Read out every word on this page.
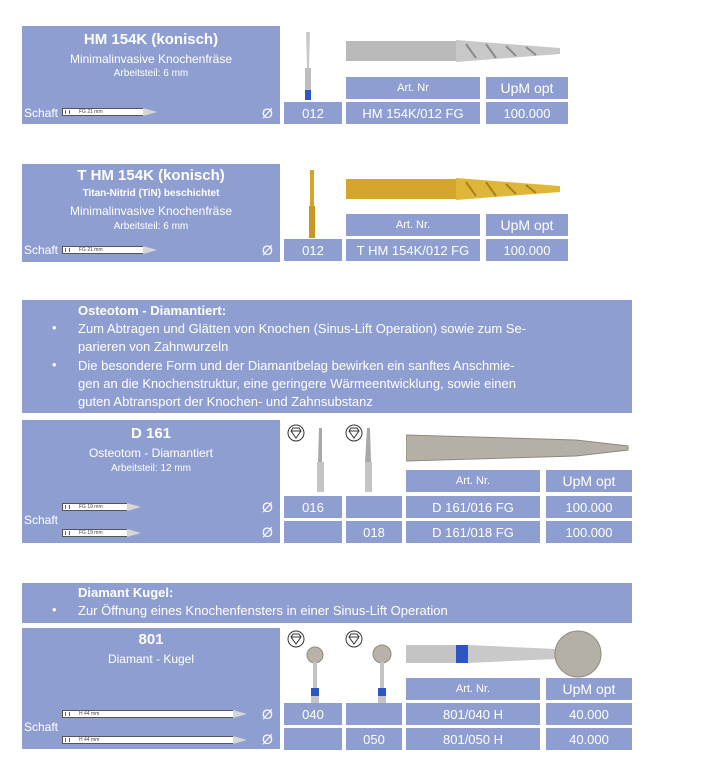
HM 154K (konisch)
Minimalinvasive Knochenfräse
Arbeitsteil: 6 mm
Schaft	FG 21 mm	Ø
Art. Nr	UpM opt
012	HM 154K/012 FG	100.000
T HM 154K (konisch)
Titan-Nitrid (TiN) beschichtet
Minimalinvasive Knochenfräse
Arbeitsteil: 6 mm
Schaft	FG 21 mm	Ø
Art. Nr.	UpM opt
012	T HM 154K/012 FG	100.000
Osteotom - Diamantiert:
• Zum Abtragen und Glätten von Knochen (Sinus-Lift Operation) sowie zum Se-
parieren von Zahnwurzeln
• Die besondere Form und der Diamantbelag bewirken ein sanftes Anschmie-
gen an die Knochenstruktur, eine geringere Wärmeentwicklung, sowie einen
guten Abtransport der Knochen- und Zahnsubstanz
D 161
Osteotom - Diamantiert
Arbeitsteil: 12 mm
Schaft
FG 19 mm
FG 19 mm
Ø
Ø
Art. Nr.	UpM opt
016	D 161/016 FG	100.000
018	D 161/018 FG	100.000
Diamant Kugel:
• Zur Öffnung eines Knochenfensters in einer Sinus-Lift Operation
801
Diamant - Kugel
Schaft
H 44 mm
H 44 mm
Ø
Ø
Art. Nr.	UpM opt
040	801/040 H	40.000
050	801/050 H	40.000
